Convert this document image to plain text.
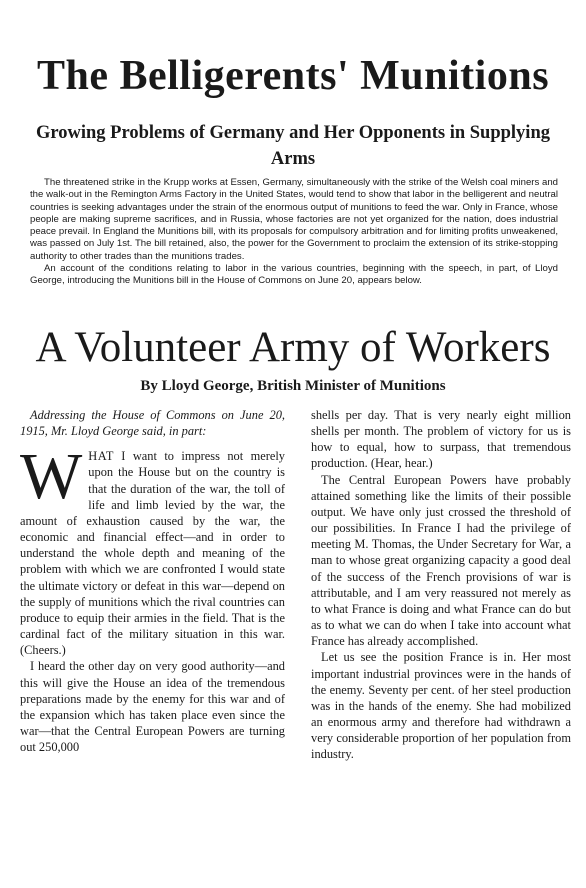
The Belligerents' Munitions
Growing Problems of Germany and Her Opponents in Supplying Arms

The threatened strike in the Krupp works at Essen, Germany, simultaneously with the strike of the Welsh coal miners and the walk-out in the Remington Arms Factory in the United States, would tend to show that labor in the belligerent and neutral countries is seeking advantages under the strain of the enormous output of munitions to feed the war. Only in France, whose people are making supreme sacrifices, and in Russia, whose factories are not yet organized for the nation, does industrial peace prevail. In England the Munitions bill, with its proposals for compulsory arbitration and for limiting profits unweakened, was passed on July 1st. The bill retained, also, the power for the Government to proclaim the extension of its strike-stopping authority to other trades than the munitions trades.

An account of the conditions relating to labor in the various countries, beginning with the speech, in part, of Lloyd George, introducing the Munitions bill in the House of Commons on June 20, appears below.

A Volunteer Army of Workers
By Lloyd George, British Minister of Munitions

Addressing the House of Commons on June 20, 1915, Mr. Lloyd George said, in part:

WHAT I want to impress not merely upon the House but on the country is that the duration of the war, the toll of life and limb levied by the war, the amount of exhaustion caused by the war, the economic and financial effect—and in order to understand the whole depth and meaning of the problem with which we are confronted I would state the ultimate victory or defeat in this war—depend on the supply of munitions which the rival countries can produce to equip their armies in the field. That is the cardinal fact of the military situation in this war. (Cheers.)

I heard the other day on very good authority—and this will give the House an idea of the tremendous preparations made by the enemy for this war and of the expansion which has taken place even since the war—that the Central European Powers are turning out 250,000

shells per day. That is very nearly eight million shells per month. The problem of victory for us is how to equal, how to surpass, that tremendous production. (Hear, hear.)

The Central European Powers have probably attained something like the limits of their possible output. We have only just crossed the threshold of our possibilities. In France I had the privilege of meeting M. Thomas, the Under Secretary for War, a man to whose great organizing capacity a good deal of the success of the French provisions of war is attributable, and I am very reassured not merely as to what France is doing and what France can do but as to what we can do when I take into account what France has already accomplished.

Let us see the position France is in. Her most important industrial provinces were in the hands of the enemy. Seventy per cent. of her steel production was in the hands of the enemy. She had mobilized an enormous army and therefore had withdrawn a very considerable proportion of her population from industry.
